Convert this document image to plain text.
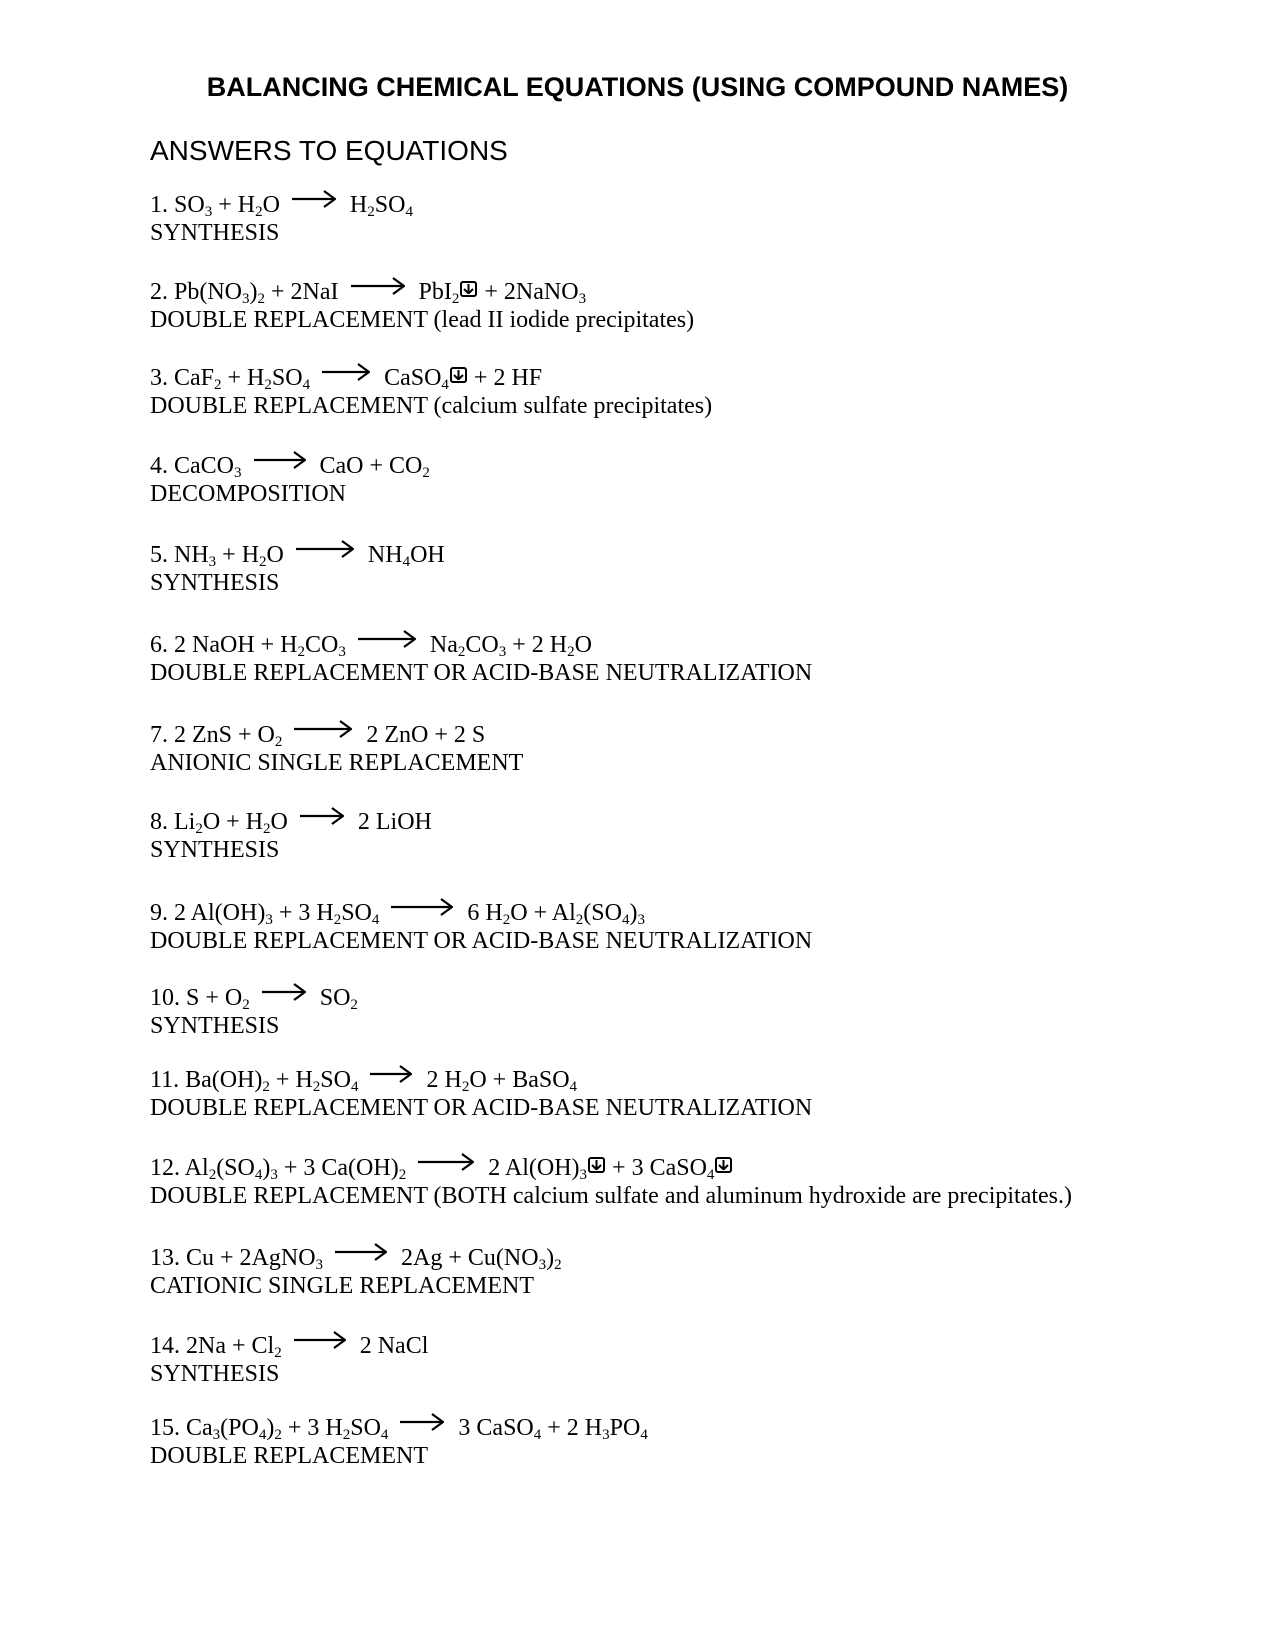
BALANCING CHEMICAL EQUATIONS (USING COMPOUND NAMES)
ANSWERS TO EQUATIONS
1. $SO_3 + H_2O \to H_2SO_4$
SYNTHESIS
2. $Pb(NO_3)_2 + 2NaI \to PbI_2$
+ 2NaNO$_3$
DOUBLE REPLACEMENT (lead II iodide precipitates)
3. $CaF_2 + H_2SO_4$ → CaSO$_4$
+ 2 HF
DOUBLE REPLACEMENT (calcium sulfate precipitates)
4. CaCO$_3$ → CaO + $CO_2$
DECOMPOSITION
5. $NH_3 + H_2O \to NH_4OH$
SYNTHESIS
6. 2 NaOH + $H_2CO_3 \to Na_2CO_3 + 2$ $H_2O$
DOUBLE REPLACEMENT OR ACID-BASE NEUTRALIZATION
7. 2 ZnS + $O_2 \to 2$ ZnO + 2 S
ANIONIC SINGLE REPLACEMENT
8. $Li_2O + H_2O \to 2$ LiOH
SYNTHESIS
9. 2 $Al(OH)_3 + 3$ $H_2SO_4 \to 6$ $H_2O + Al_2(SO_4)_3$
DOUBLE REPLACEMENT OR ACID-BASE NEUTRALIZATION
10. $S + O_2 \to SO_2$
SYNTHESIS
11. $Ba(OH)_2 + H_2SO_4 \to 2$ $H_2O$ + BaSO$_4$
DOUBLE REPLACEMENT OR ACID-BASE NEUTRALIZATION
12. $Al_2(SO_4)_3 + 3$ $Ca(OH)_2 \to 2$ $Al(OH)_3$
+ 3 CaSO$_4$
DOUBLE REPLACEMENT (BOTH calcium sulfate and aluminum hydroxide are precipitates.)
13. Cu + 2AgNO$_3$ → $2Ag + Cu(NO_3)_2$
CATIONIC SINGLE REPLACEMENT
14. $2Na + Cl_2 \to 2$ NaCl
SYNTHESIS
15. $Ca_3(PO_4)_2 + 3$ $H_2SO_4 \to 3$ CaSO$_4$ + 2 $H_3PO_4$
DOUBLE REPLACEMENT
